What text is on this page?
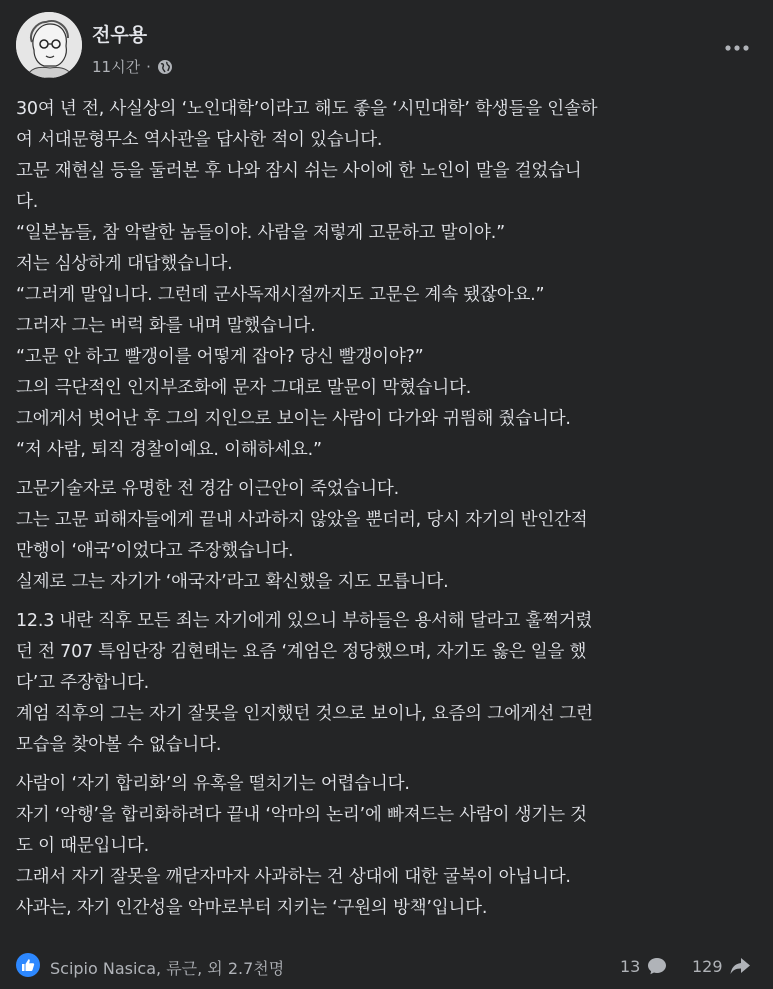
전우용
11시간 ·
30여 년 전, 사실상의 ‘노인대학’이라고 해도 좋을 ‘시민대학’ 학생들을 인솔하
여 서대문형무소 역사관을 답사한 적이 있습니다.
고문 재현실 등을 둘러본 후 나와 잠시 쉬는 사이에 한 노인이 말을 걸었습니
다.
“일본놈들, 참 악랄한 놈들이야. 사람을 저렇게 고문하고 말이야.”
저는 심상하게 대답했습니다.
“그러게 말입니다. 그런데 군사독재시절까지도 고문은 계속 됐잖아요.”
그러자 그는 버럭 화를 내며 말했습니다.
“고문 안 하고 빨갱이를 어떻게 잡아? 당신 빨갱이야?”
그의 극단적인 인지부조화에 문자 그대로 말문이 막혔습니다.
그에게서 벗어난 후 그의 지인으로 보이는 사람이 다가와 귀띔해 줬습니다.
“저 사람, 퇴직 경찰이예요. 이해하세요.”
고문기술자로 유명한 전 경감 이근안이 죽었습니다.
그는 고문 피해자들에게 끝내 사과하지 않았을 뿐더러, 당시 자기의 반인간적
만행이 ‘애국’이었다고 주장했습니다.
실제로 그는 자기가 ‘애국자’라고 확신했을 지도 모릅니다.
12.3 내란 직후 모든 죄는 자기에게 있으니 부하들은 용서해 달라고 훌쩍거렸
던 전 707 특임단장 김현태는 요즘 ‘계엄은 정당했으며, 자기도 옳은 일을 했
다’고 주장합니다.
계엄 직후의 그는 자기 잘못을 인지했던 것으로 보이나, 요즘의 그에게선 그런
모습을 찾아볼 수 없습니다.
사람이 ‘자기 합리화’의 유혹을 떨치기는 어렵습니다.
자기 ‘악행’을 합리화하려다 끝내 ‘악마의 논리’에 빠져드는 사람이 생기는 것
도 이 때문입니다.
그래서 자기 잘못을 깨닫자마자 사과하는 건 상대에 대한 굴복이 아닙니다.
사과는, 자기 인간성을 악마로부터 지키는 ‘구원의 방책’입니다.
Scipio Nasica, 류근, 외 2.7천명	13	129
